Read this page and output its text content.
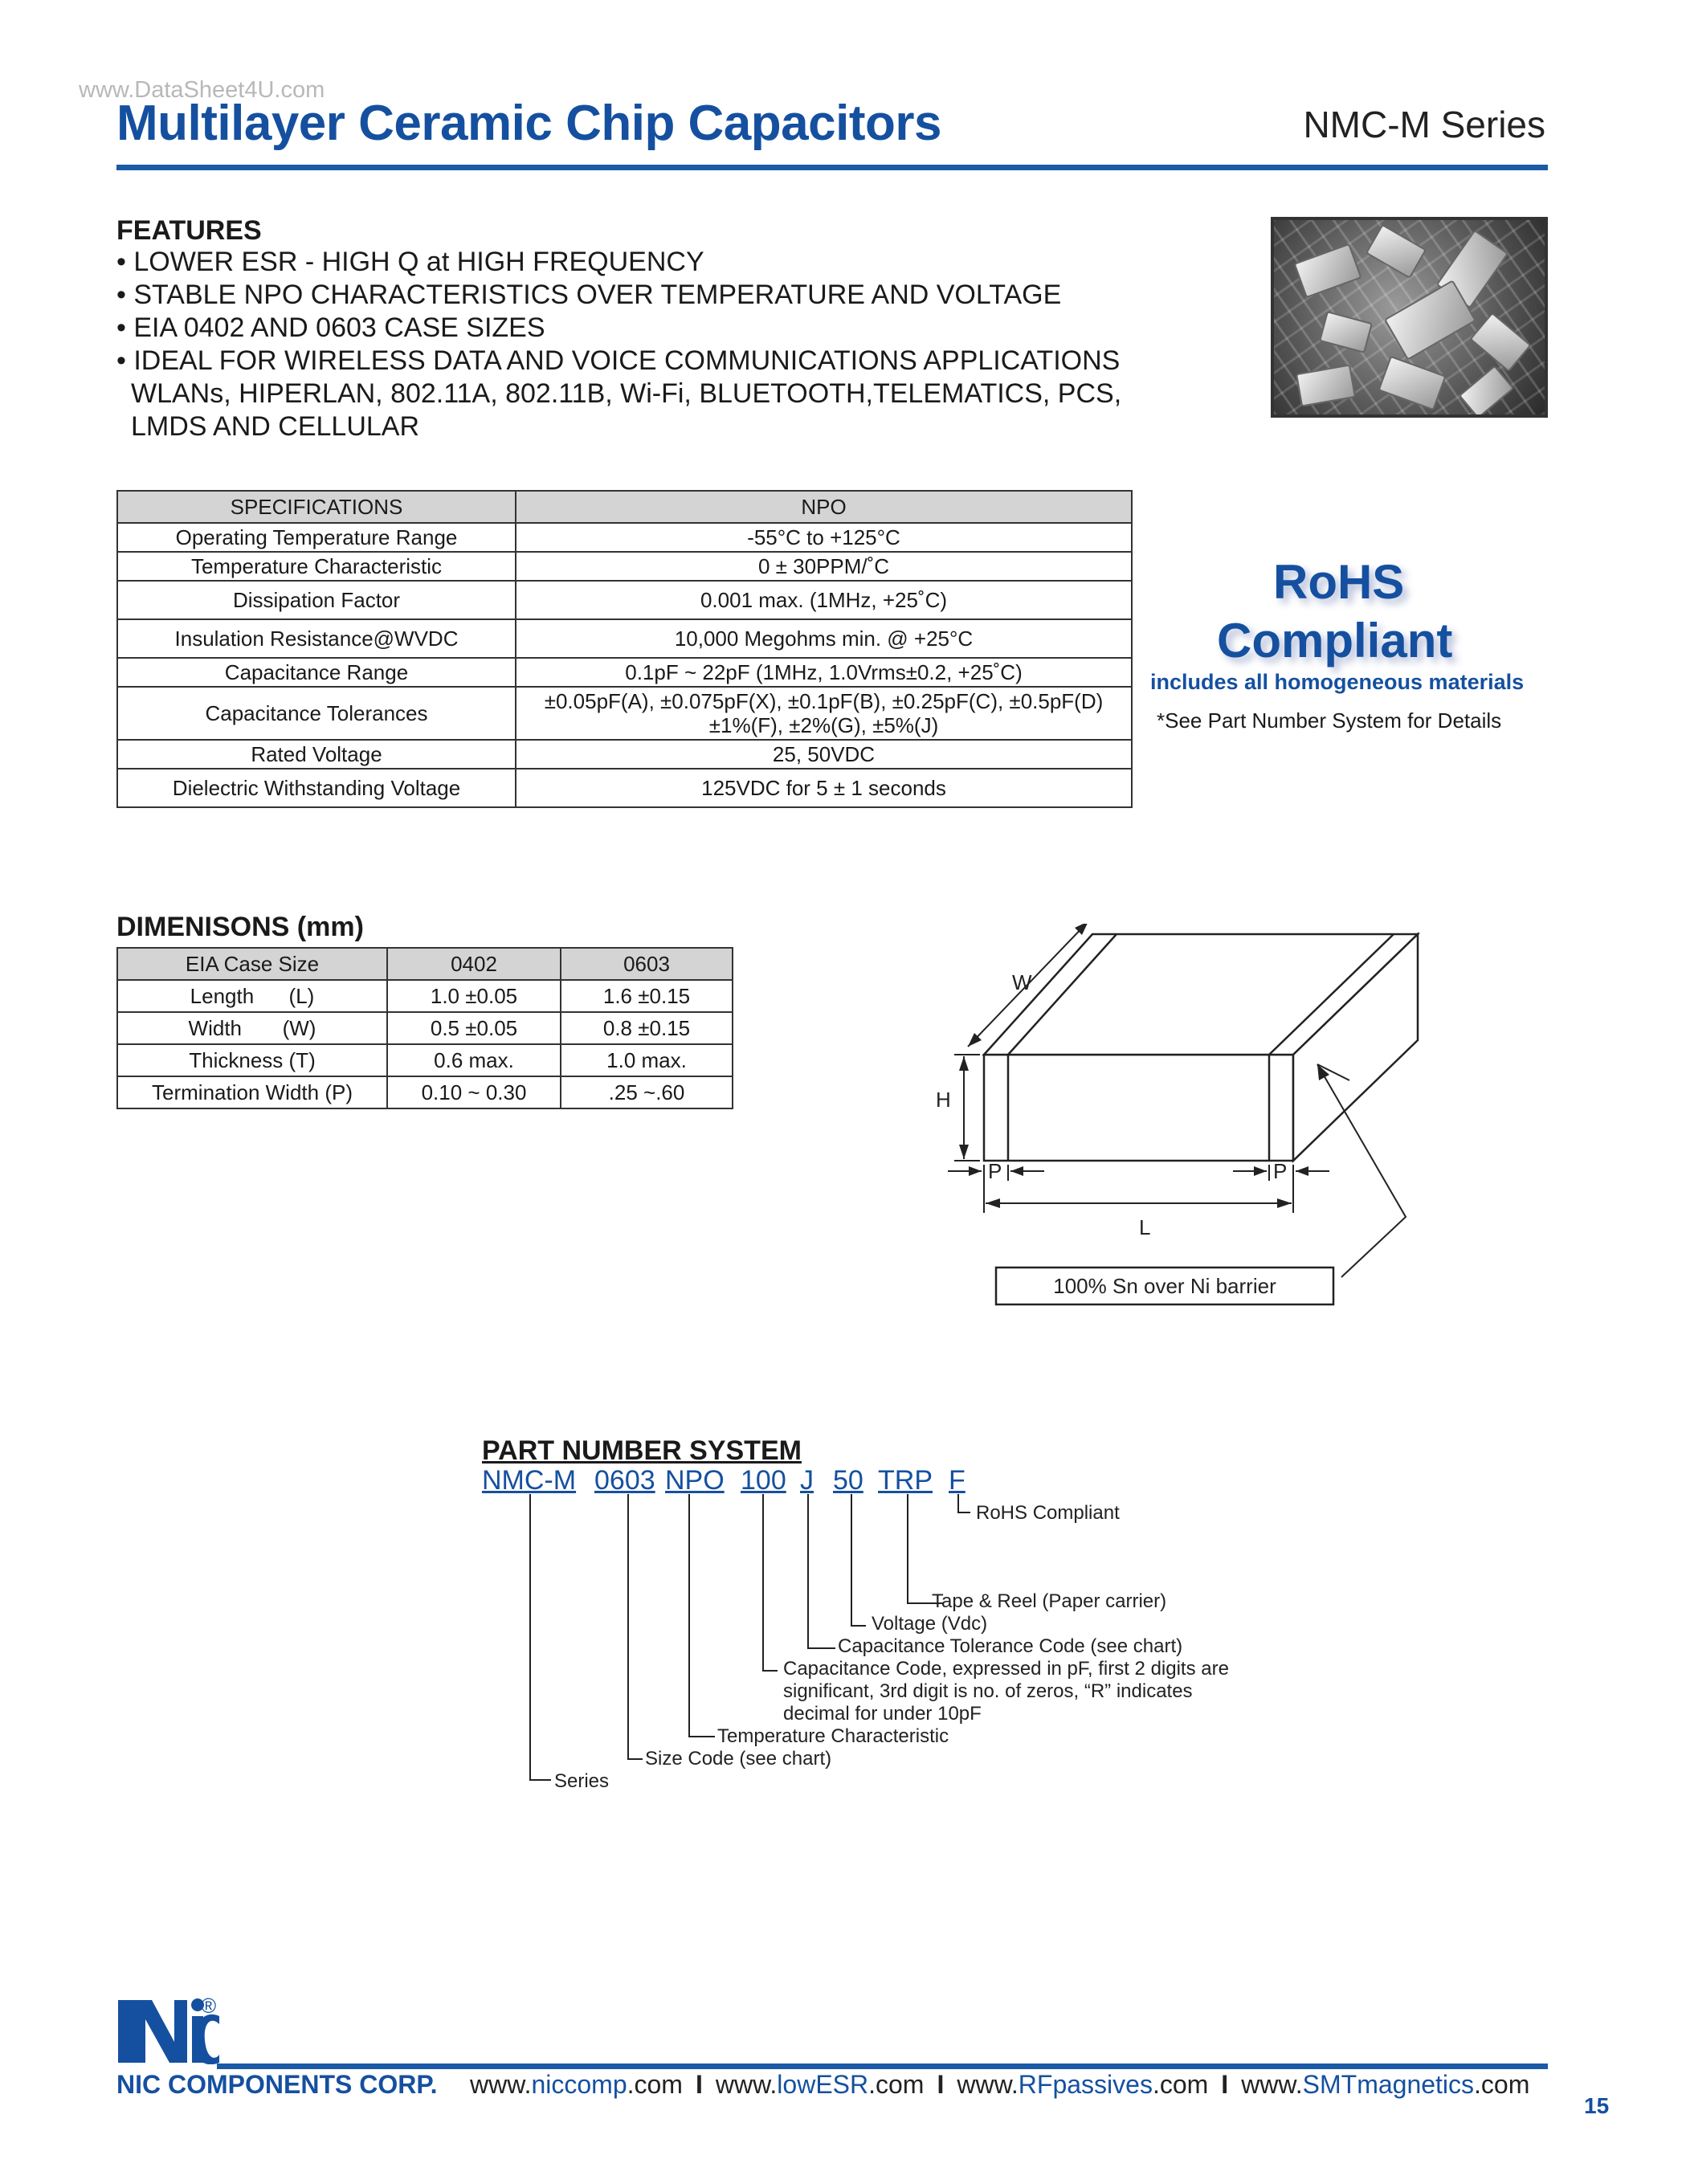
www.DataSheet4U.com
Multilayer Ceramic Chip Capacitors	NMC-M Series
FEATURES
• LOWER ESR - HIGH Q at HIGH FREQUENCY
• STABLE NPO CHARACTERISTICS OVER TEMPERATURE AND VOLTAGE
• EIA 0402 AND 0603 CASE SIZES
• IDEAL FOR WIRELESS DATA AND VOICE COMMUNICATIONS APPLICATIONS
WLANs, HIPERLAN, 802.11A, 802.11B, Wi-Fi, BLUETOOTH,TELEMATICS, PCS,
LMDS AND CELLULAR
SPECIFICATIONS	NPO
Operating Temperature Range	-55°C to +125°C
Temperature Characteristic	0 ± 30PPM/˚C
Dissipation Factor	0.001 max. (1MHz, +25˚C)
Insulation Resistance@WVDC	10,000 Megohms min. @ +25°C
Capacitance Range	0.1pF ~ 22pF (1MHz, 1.0Vrms±0.2, +25˚C)
Capacitance Tolerances	±0.05pF(A), ±0.075pF(X), ±0.1pF(B), ±0.25pF(C), ±0.5pF(D)
±1%(F), ±2%(G), ±5%(J)

Rated Voltage	25, 50VDC
Dielectric Withstanding Voltage	125VDC for 5 ± 1 seconds
RoHS
Compliant
includes all homogeneous materials
*See Part Number System for Details
DIMENISONS (mm)
EIA Case Size	0402	0603
Length      (L)	1.0 ±0.05	1.6 ±0.15
Width       (W)	0.5 ±0.05	0.8 ±0.15
Thickness (T)	0.6 max.	1.0 max.
Termination Width (P)	0.10 ~ 0.30	.25 ~.60
W
H
P	P
L
100% Sn over Ni barrier
PART NUMBER SYSTEM
NMC-M 0603 NPO 100 J 50 TRP F
RoHS Compliant
Tape & Reel (Paper carrier)
Voltage (Vdc)
Capacitance Tolerance Code (see chart)
Capacitance Code, expressed in pF, first 2 digits are
significant, 3rd digit is no. of zeros, “R” indicates
decimal for under 10pF
Temperature Characteristic
Size Code (see chart)
Series
®
NIC COMPONENTS CORP. www.niccomp.com I www.lowESR.com I www.RFpassives.com I www.SMTmagnetics.com
15
